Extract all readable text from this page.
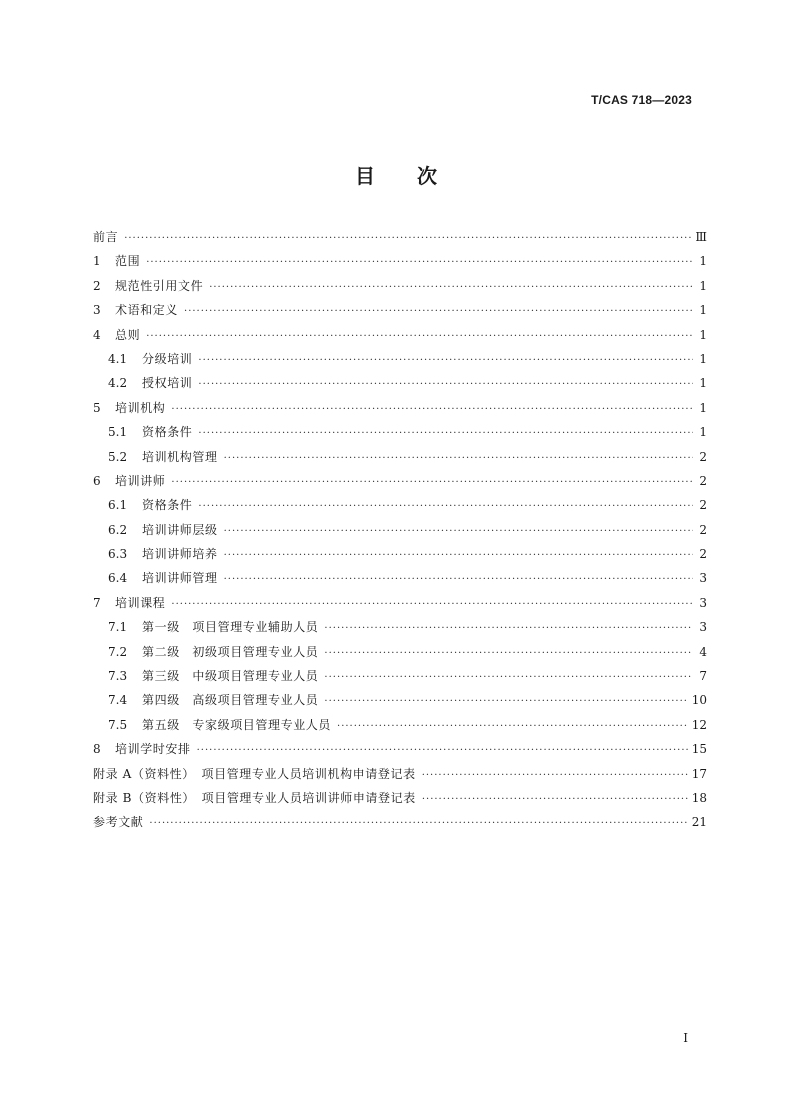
T/CAS 718—2023
目次
前言 ·····	Ⅲ
1	范围 ·····	1
2	规范性引用文件 ·····	1
3	术语和定义 ·····	1
4	总则 ·····	1
4.1	分级培训 ·····	1
4.2	授权培训 ·····	1
5	培训机构 ·····	1
5.1	资格条件 ·····	1
5.2	培训机构管理 ·····	2
6	培训讲师 ·····	2
6.1	资格条件 ·····	2
6.2	培训讲师层级 ·····	2
6.3	培训讲师培养 ·····	2
6.4	培训讲师管理 ·····	3
7	培训课程 ·····	3
7.1	第一级　项目管理专业辅助人员 ·····	3
7.2	第二级　初级项目管理专业人员 ·····	4
7.3	第三级　中级项目管理专业人员 ·····	7
7.4	第四级　高级项目管理专业人员 ·····	10
7.5	第五级　专家级项目管理专业人员 ·····	12
8	培训学时安排 ·····	15
附录 A（资料性）　项目管理专业人员培训机构申请登记表 ·····	17
附录 B（资料性）　项目管理专业人员培训讲师申请登记表 ·····	18
参考文献 ·····	21
I
